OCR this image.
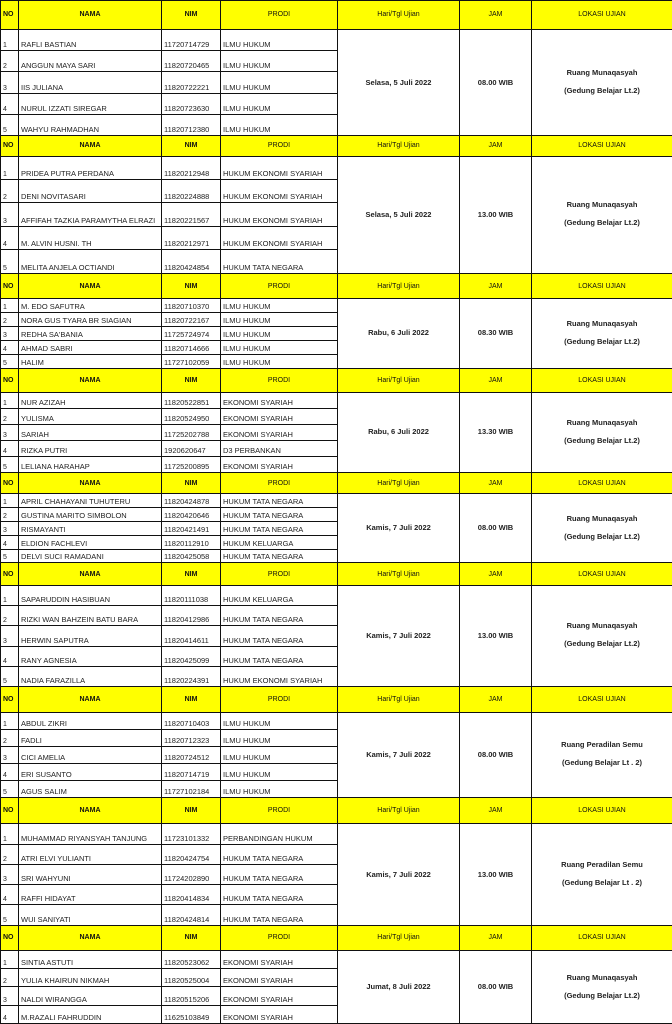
NO	NAMA	NIM	PRODI	Hari/Tgl Ujian	JAM	LOKASI UJIAN
1	RAFLI BASTIAN	11720714729	ILMU HUKUM	Selasa, 5 Juli 2022	08.00 WIB	Ruang Munaqasyah
(Gedung Belajar Lt.2)

2	ANGGUN MAYA SARI	11820720465	ILMU HUKUM			
3	IIS JULIANA	11820722221	ILMU HUKUM			
4	NURUL IZZATI SIREGAR	11820723630	ILMU HUKUM			
5	WAHYU RAHMADHAN	11820712380	ILMU HUKUM			
NO	NAMA	NIM	PRODI	Hari/Tgl Ujian	JAM	LOKASI UJIAN
1	PRIDEA PUTRA PERDANA	11820212948	HUKUM EKONOMI SYARIAH	Selasa, 5 Juli 2022	13.00 WIB	Ruang Munaqasyah
(Gedung Belajar Lt.2)

2	DENI NOVITASARI	11820224888	HUKUM EKONOMI SYARIAH			
3	AFFIFAH TAZKIA PARAMYTHA ELRAZI	11820221567	HUKUM EKONOMI SYARIAH			
4	M. ALVIN HUSNI. TH	11820212971	HUKUM EKONOMI SYARIAH			
5	MELITA ANJELA OCTIANDI	11820424854	HUKUM TATA NEGARA			
NO	NAMA	NIM	PRODI	Hari/Tgl Ujian	JAM	LOKASI UJIAN
1	M. EDO SAFUTRA	11820710370	ILMU HUKUM	Rabu, 6 Juli 2022	08.30 WIB	Ruang Munaqasyah
(Gedung Belajar Lt.2)

2	NORA GUS TYARA BR SIAGIAN	11820722167	ILMU HUKUM			
3	REDHA SA'BANIA	11725724974	ILMU HUKUM			
4	AHMAD SABRI	11820714666	ILMU HUKUM			
5	HALIM	11727102059	ILMU HUKUM			
NO	NAMA	NIM	PRODI	Hari/Tgl Ujian	JAM	LOKASI UJIAN
1	NUR AZIZAH	11820522851	EKONOMI SYARIAH	Rabu, 6 Juli 2022	13.30 WIB	Ruang Munaqasyah
(Gedung Belajar Lt.2)

2	YULISMA	11820524950	EKONOMI SYARIAH			
3	SARIAH	11725202788	EKONOMI SYARIAH			
4	RIZKA PUTRI	1920620647	D3 PERBANKAN			
5	LELIANA HARAHAP	11725200895	EKONOMI SYARIAH			
NO	NAMA	NIM	PRODI	Hari/Tgl Ujian	JAM	LOKASI UJIAN
1	APRIL CHAHAYANI TUHUTERU	11820424878	HUKUM TATA NEGARA	Kamis, 7 Juli 2022	08.00 WIB	Ruang Munaqasyah
(Gedung Belajar Lt.2)

2	GUSTINA MARITO SIMBOLON	11820420646	HUKUM TATA NEGARA			
3	RISMAYANTI	11820421491	HUKUM TATA NEGARA			
4	ELDION FACHLEVI	11820112910	HUKUM KELUARGA			
5	DELVI SUCI RAMADANI	11820425058	HUKUM TATA NEGARA			
NO	NAMA	NIM	PRODI	Hari/Tgl Ujian	JAM	LOKASI UJIAN
1	SAPARUDDIN HASIBUAN	11820111038	HUKUM KELUARGA	Kamis, 7 Juli 2022	13.00 WIB	Ruang Munaqasyah
(Gedung Belajar Lt.2)

2	RIZKI WAN BAHZEIN BATU BARA	11820412986	HUKUM TATA NEGARA			
3	HERWIN SAPUTRA	11820414611	HUKUM TATA NEGARA			
4	RANY AGNESIA	11820425099	HUKUM TATA NEGARA			
5	NADIA FARAZILLA	11820224391	HUKUM EKONOMI SYARIAH			
NO	NAMA	NIM	PRODI	Hari/Tgl Ujian	JAM	LOKASI UJIAN
1	ABDUL ZIKRI	11820710403	ILMU HUKUM	Kamis, 7 Juli 2022	08.00 WIB	Ruang Peradilan Semu
(Gedung Belajar Lt . 2)

2	FADLI	11820712323	ILMU HUKUM			
3	CICI AMELIA	11820724512	ILMU HUKUM			
4	ERI SUSANTO	11820714719	ILMU HUKUM			
5	AGUS SALIM	11727102184	ILMU HUKUM			
NO	NAMA	NIM	PRODI	Hari/Tgl Ujian	JAM	LOKASI UJIAN
1	MUHAMMAD RIYANSYAH TANJUNG	11723101332	PERBANDINGAN HUKUM	Kamis, 7 Juli 2022	13.00 WIB	Ruang Peradilan Semu
(Gedung Belajar Lt . 2)

2	ATRI ELVI YULIANTI	11820424754	HUKUM TATA NEGARA			
3	SRI WAHYUNI	11724202890	HUKUM TATA NEGARA			
4	RAFFI HIDAYAT	11820414834	HUKUM TATA NEGARA			
5	WUI SANIYATI	11820424814	HUKUM TATA NEGARA			
NO	NAMA	NIM	PRODI	Hari/Tgl Ujian	JAM	LOKASI UJIAN
1	SINTIA ASTUTI	11820523062	EKONOMI SYARIAH	Jumat, 8 Juli 2022	08.00 WIB	Ruang Munaqasyah
(Gedung Belajar Lt.2)

2	YULIA KHAIRUN NIKMAH	11820525004	EKONOMI SYARIAH			
3	NALDI WIRANGGA	11820515206	EKONOMI SYARIAH			
4	M.RAZALI FAHRUDDIN	11625103849	EKONOMI SYARIAH			
